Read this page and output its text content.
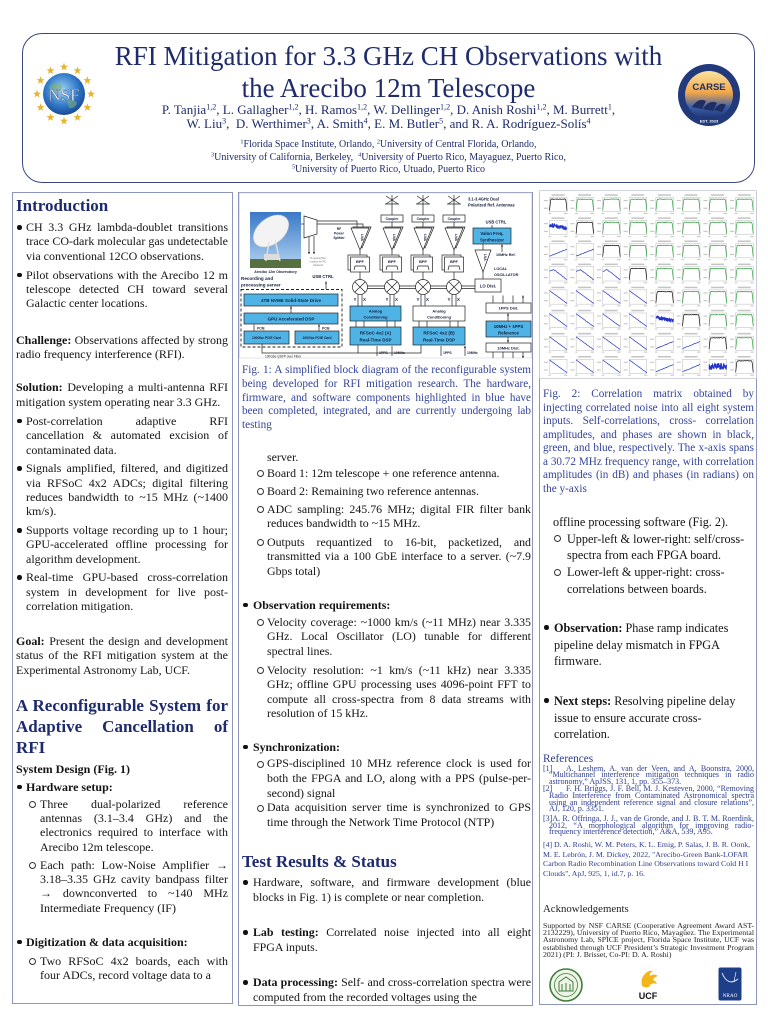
NSF	CARSE
EST. 2023
RFI Mitigation for 3.3 GHz CH Observations with
the Arecibo 12m Telescope
P. Tanjia$^{1,2}$, L. Gallagher$^{1,2}$, H. Ramos$^{1,2}$, W. Dellinger$^{1,2}$, D. Anish Roshi$^{1,2}$, M. Burrett$^1$,
W. Liu$^3$,  D. Werthimer$^3$, A. Smith$^4$, E. M. Butler$^5$, and R. A. Rodríguez-Solís$^4$
$^1$Florida Space Institute, Orlando, $^2$University of Central Florida, Orlando,
$^3$University of California, Berkeley,  $^4$University of Puerto Rico, Mayaguez, Puerto Rico,
$^5$University of Puerto Rico, Utuado, Puerto Rico
Introduction
CH 3.3 GHz lambda-doublet transitions trace CO-dark molecular gas undetectable via conventional 12CO observations.
Pilot observations with the Arecibo 12 m telescope detected CH toward several Galactic center locations.

Challenge: Observations affected by strong radio frequency interference (RFI).

Solution: Developing a multi-antenna RFI mitigation system operating near 3.3 GHz.

Post-correlation adaptive RFI cancellation & automated excision of contaminated data.
Signals amplified, filtered, and digitized via RFSoC 4x2 ADCs; digital filtering reduces bandwidth to ~15 MHz (~1400 km/s).
Supports voltage recording up to 1 hour; GPU-accelerated offline processing for algorithm development.
Real-time GPU-based cross-correlation system in development for live post-correlation mitigation.

Goal: Present the design and development status of the RFI mitigation system at the Experimental Astronomy Lab, UCF.

A Reconfigurable System for Adaptive Cancellation of RFI
System Design (Fig. 1)
Hardware setup:
Three dual-polarized reference antennas (3.1–3.4 GHz) and the electronics required to interface with Arecibo 12m telescope.
Each path: Low-Noise Amplifier → 3.18–3.35 GHz cavity bandpass filter → downconverted to ~140 MHz Intermediate Frequency (IF)
Digitization & data acquisition:
Two RFSoC 4x2 boards, each with four ADCs, record voltage data to a
Arecibo 12m Observatory
RF
Power
Splitter
To optical fiber
module for RC
backend
3.1-3.4GHz Dual
Polarized Ref. Antennas
Coupler	Coupler	Coupler
LNA	LNA	LNA	LNA
BPF	BPF	BPF	BPF
Y X	Y X	Y X	Y X
Analog
Conditioning
Analog
Conditioning
RFSoC 4x2 (A)
Real-Time DSP
RFSoC 4x2 (B)
Real-Time DSP
1PPS 10MHz	1PPS	10MHz
Recording and
processing server
USB CTRL
4TB NVME Solid-State Drive
GPU Accelerated DSP
PCIE	PCIE
100Gbe PCIE Card	100Gbe PCIE Card
100Gbe QSFP over Fiber
USB CTRL
Valon Freq.
Synthesizer
10MHz Ref.
LNA
LOCAL
OSCILLATOR
LO Dist.
1PPS Dist.
10MHz + 1PPS
Reference
10MHz Dist.

Fig. 1: A simplified block diagram of the reconfigurable system being developed for RFI mitigation research. The hardware, firmware, and software components highlighted in blue have been completed, integrated, and are currently undergoing lab testing

server.
Board 1: 12m telescope + one reference antenna.
Board 2: Remaining two reference antennas.
ADC sampling: 245.76 MHz; digital FIR filter bank reduces bandwidth to ~15 MHz.
Outputs requantized to 16-bit, packetized, and transmitted via a 100 GbE interface to a server. (~7.9 Gbps total)
Observation requirements:
Velocity coverage: ~1000 km/s (~11 MHz) near 3.335 GHz. Local Oscillator (LO) tunable for different spectral lines.
Velocity resolution: ~1 km/s (~11 kHz) near 3.335 GHz; offline GPU processing uses 4096-point FFT to compute all cross-spectra from 8 data streams with resolution of 15 kHz.
Synchronization:
GPS-disciplined 10 MHz reference clock is used for both the FPGA and LO, along with a PPS (pulse-per-second) signal
Data acquisition server time is synchronized to GPS time through the Network Time Protocol (NTP)
Test Results & Status
Hardware, software, and firmware development (blue blocks in Fig. 1) is complete or near completion.
Lab testing: Correlated noise injected into all eight FPGA inputs.
Data processing: Self- and cross-correlation spectra were computed from the recorded voltages using the

Fig. 2: Correlation matrix obtained by injecting correlated noise into all eight system inputs. Self-correlations, cross- correlation amplitudes, and phases are shown in black, green, and blue, respectively. The x-axis spans a 30.72 MHz frequency range, with correlation amplitudes (in dB) and phases (in radians) on the y-axis

offline processing software (Fig. 2).
Upper-left & lower-right: self/cross-spectra from each FPGA board.
Lower-left & upper-right: cross-correlations between boards.
Observation: Phase ramp indicates pipeline delay mismatch in FPGA firmware.
Next steps: Resolving pipeline delay issue to ensure accurate cross-correlation.
References
[1] A. Leshem, A. van der Veen, and A. Boonstra, 2000, “Multichannel interference mitigation techniques in radio astronomy,” ApJSS, 131, 1, pp. 355–373.
[2] F. H. Briggs, J. F. Bell, M. J. Kesteven, 2000, “Removing Radio Interference from Contaminated Astronomical spectra using an independent reference signal and closure relations”, AJ, 120, p. 3351.
[3]A. R. Offringa, J. J., van de Gronde, and J. B. T. M. Roerdink, 2012, “A morphological algorithm for improving radio-frequency interference detection,” A&A, 539, A95.
[4] D. A. Roshi, W. M. Peters, K. L. Emig, P. Salas, J. B. R. Oonk, M. E. Lebrón, J. M. Dickey, 2022, "Arecibo-Green Bank-LOFAR Carbon Radio Recombination Line Observations toward Cold H I Clouds", ApJ, 925, 1, id.7, p. 16.
Acknowledgements
Supported by NSF CARSE (Cooperative Agreement Award AST-2132229), University of Puerto Rico, Mayagüez. The Experimental Astronomy Lab, SPICE project, Florida Space Institute, UCF was established through UCF President’s Strategic Investment Program 2021) (PI: J. Brisset, Co-PI: D. A. Roshi)
UCF	NRAO
